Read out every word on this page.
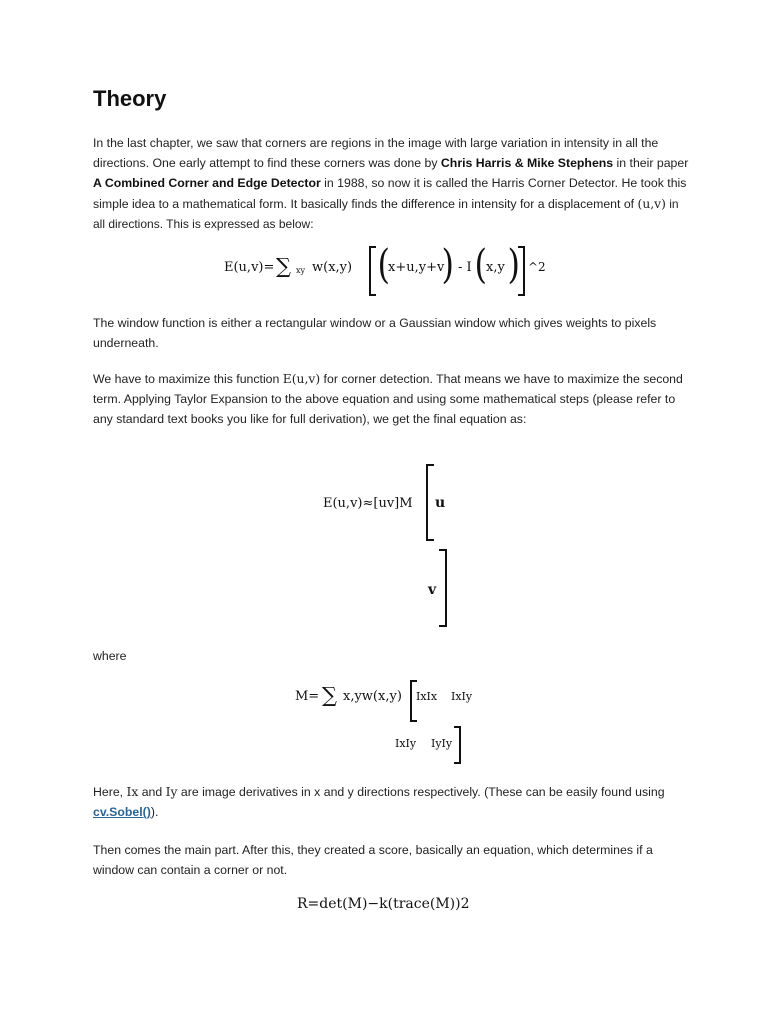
Theory

In the last chapter, we saw that corners are regions in the image with large variation in intensity in all the directions. One early attempt to find these corners was done by Chris Harris & Mike Stephens in their paper A Combined Corner and Edge Detector in 1988, so now it is called the Harris Corner Detector. He took this simple idea to a mathematical form. It basically finds the difference in intensity for a displacement of (u,v) in all directions. This is expressed as below:

E(u,v)= ∑ xy w(x,y) (
x+u,y+v
) - I (
x,y ) ^2

The window function is either a rectangular window or a Gaussian window which gives weights to pixels underneath.

We have to maximize this function E(u,v) for corner detection. That means we have to maximize the second term. Applying Taylor Expansion to the above equation and using some mathematical steps (please refer to any standard text books you like for full derivation), we get the final equation as:

E(u,v)≈[uv]M u
v

where

M= ∑ x,yw(x,y) IxIx IxIy
IxIy IyIy

Here, Ix and Iy are image derivatives in x and y directions respectively. (These can be easily found using cv.Sobel()).

Then comes the main part. After this, they created a score, basically an equation, which determines if a window can contain a corner or not.

R=det(M)−k(trace(M))2
